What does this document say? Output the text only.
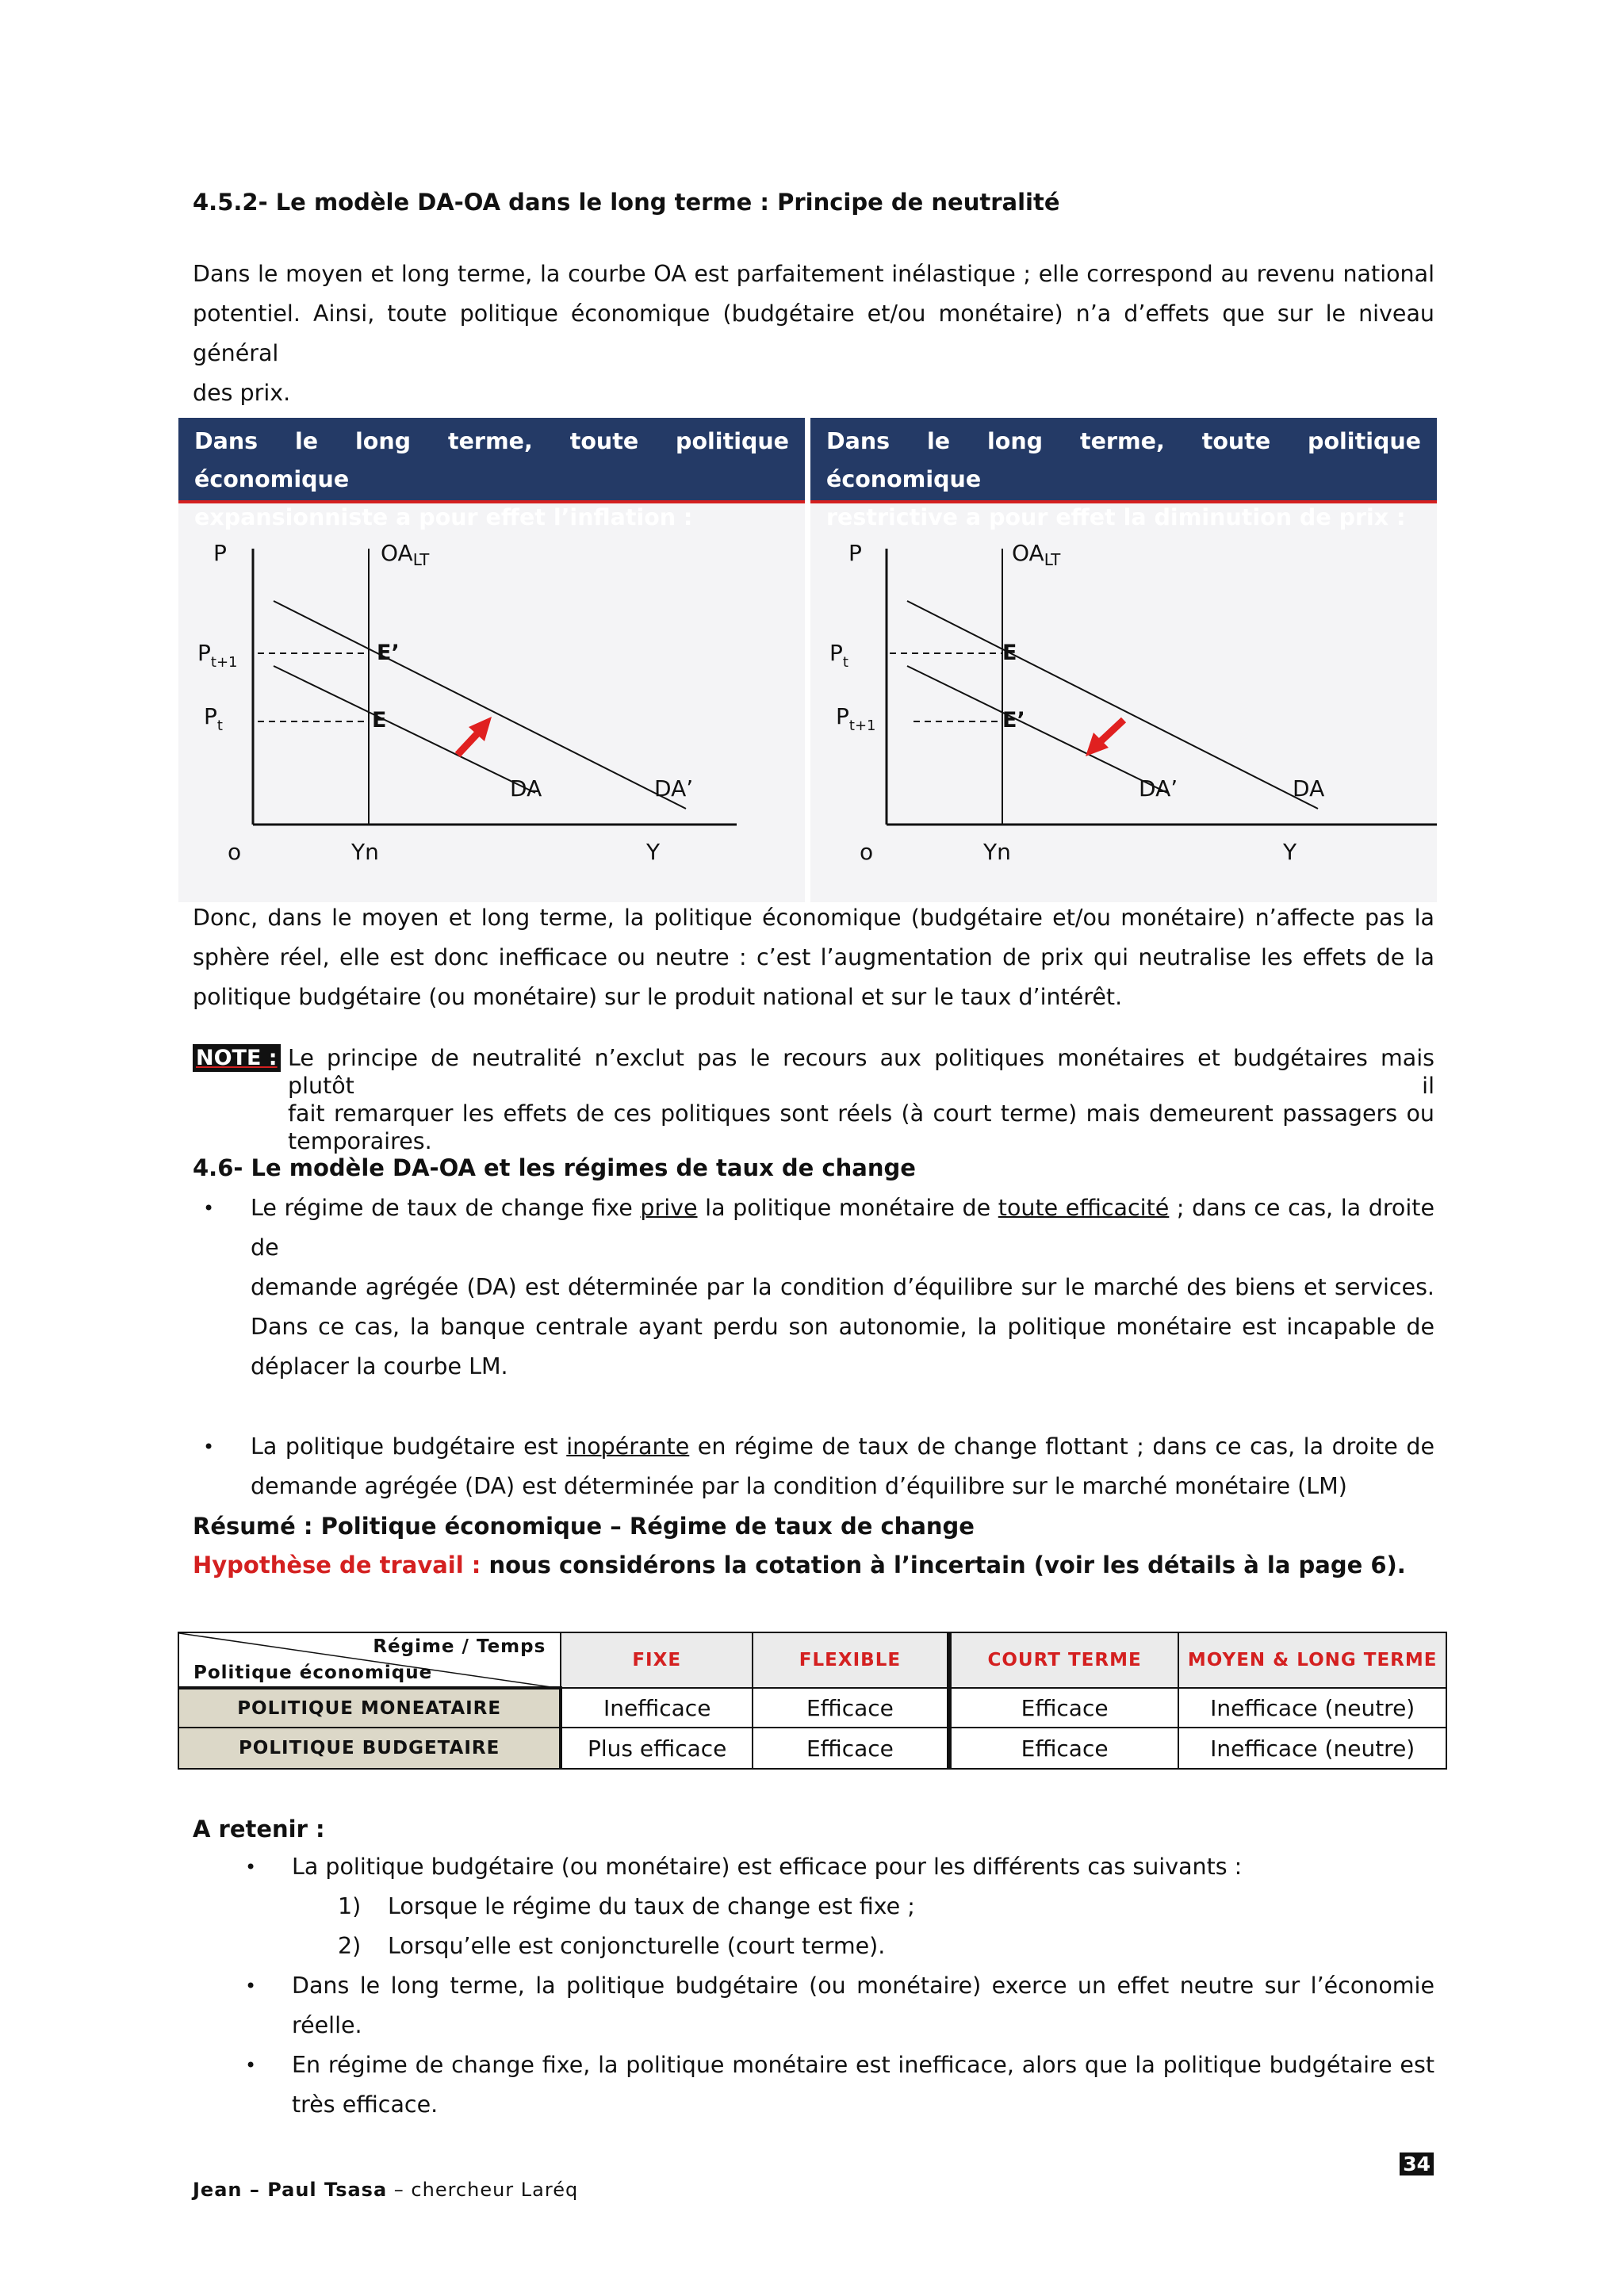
4.5.2- Le modèle DA-OA dans le long terme : Principe de neutralité
Dans le moyen et long terme, la courbe OA est parfaitement inélastique ; elle correspond au revenu national
potentiel. Ainsi, toute politique économique (budgétaire et/ou monétaire) n’a d’effets que sur le niveau général
des prix.
Dans le long terme, toute politique économique
expansionniste a pour effet l’inflation :
Dans le long terme, toute politique économique
restrictive a pour effet la diminution de prix :
P	$OA_{LT}$
$P_{t+1}$
$P_t$
E’
E
DA	DA’
o	Yn	Y
P	$OA_{LT}$
$P_t$
$P_{t+1}$
E
E’
DA’	DA
o	Yn	Y
Donc, dans le moyen et long terme, la politique économique (budgétaire et/ou monétaire) n’affecte pas la
sphère réel, elle est donc inefficace ou neutre : c’est l’augmentation de prix qui neutralise les effets de la
politique budgétaire (ou monétaire) sur le produit national et sur le taux d’intérêt.
NOTE : Le principe de neutralité n’exclut pas le recours aux politiques monétaires et budgétaires mais plutôt il
fait remarquer les effets de ces politiques sont réels (à court terme) mais demeurent passagers ou
temporaires.
4.6- Le modèle DA-OA et les régimes de taux de change
• Le régime de taux de change fixe prive la politique monétaire de toute efficacité ; dans ce cas, la droite de
demande agrégée (DA) est déterminée par la condition d’équilibre sur le marché des biens et services.
Dans ce cas, la banque centrale ayant perdu son autonomie, la politique monétaire est incapable de
déplacer la courbe LM.
• La politique budgétaire est inopérante en régime de taux de change flottant ; dans ce cas, la droite de
demande agrégée (DA) est déterminée par la condition d’équilibre sur le marché monétaire (LM)
Résumé : Politique économique – Régime de taux de change
Hypothèse de travail : nous considérons la cotation à l’incertain (voir les détails à la page 6).
Régime / Temps
Politique économique	FIXE	FLEXIBLE	COURT TERME	MOYEN & LONG TERME
POLITIQUE MONEATAIRE	Inefficace	Efficace	Efficace	Inefficace (neutre)
POLITIQUE BUDGETAIRE	Plus efficace	Efficace	Efficace	Inefficace (neutre)
A retenir :
• La politique budgétaire (ou monétaire) est efficace pour les différents cas suivants :
1) Lorsque le régime du taux de change est fixe ;
2) Lorsqu’elle est conjoncturelle (court terme).
• Dans le long terme, la politique budgétaire (ou monétaire) exerce un effet neutre sur l’économie réelle.
• En régime de change fixe, la politique monétaire est inefficace, alors que la politique budgétaire est
très efficace.
34
Jean – Paul Tsasa – chercheur Laréq
